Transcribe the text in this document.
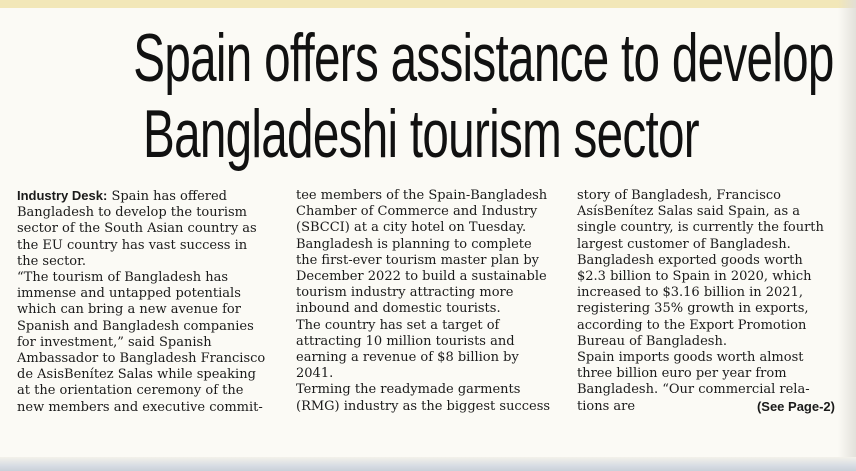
Spain offers assistance to develop
Bangladeshi tourism sector

Industry Desk: Spain has offered

Bangladesh to develop the tourism

sector of the South Asian country as

the EU country has vast success in

the sector.

“The tourism of Bangladesh has

immense and untapped potentials

which can bring a new avenue for

Spanish and Bangladesh companies

for investment,” said Spanish

Ambassador to Bangladesh Francisco

de AsisBenítez Salas while speaking

at the orientation ceremony of the

new members and executive commit-

tee members of the Spain-Bangladesh

Chamber of Commerce and Industry

(SBCCI) at a city hotel on Tuesday.

Bangladesh is planning to complete

the first-ever tourism master plan by

December 2022 to build a sustainable

tourism industry attracting more

inbound and domestic tourists.

The country has set a target of

attracting 10 million tourists and

earning a revenue of $8 billion by

2041.

Terming the readymade garments

(RMG) industry as the biggest success

story of Bangladesh, Francisco

AsísBenítez Salas said Spain, as a

single country, is currently the fourth

largest customer of Bangladesh.

Bangladesh exported goods worth

$2.3 billion to Spain in 2020, which

increased to $3.16 billion in 2021,

registering 35% growth in exports,

according to the Export Promotion

Bureau of Bangladesh.

Spain imports goods worth almost

three billion euro per year from

Bangladesh. “Our commercial rela-

tions are	(See Page-2)
